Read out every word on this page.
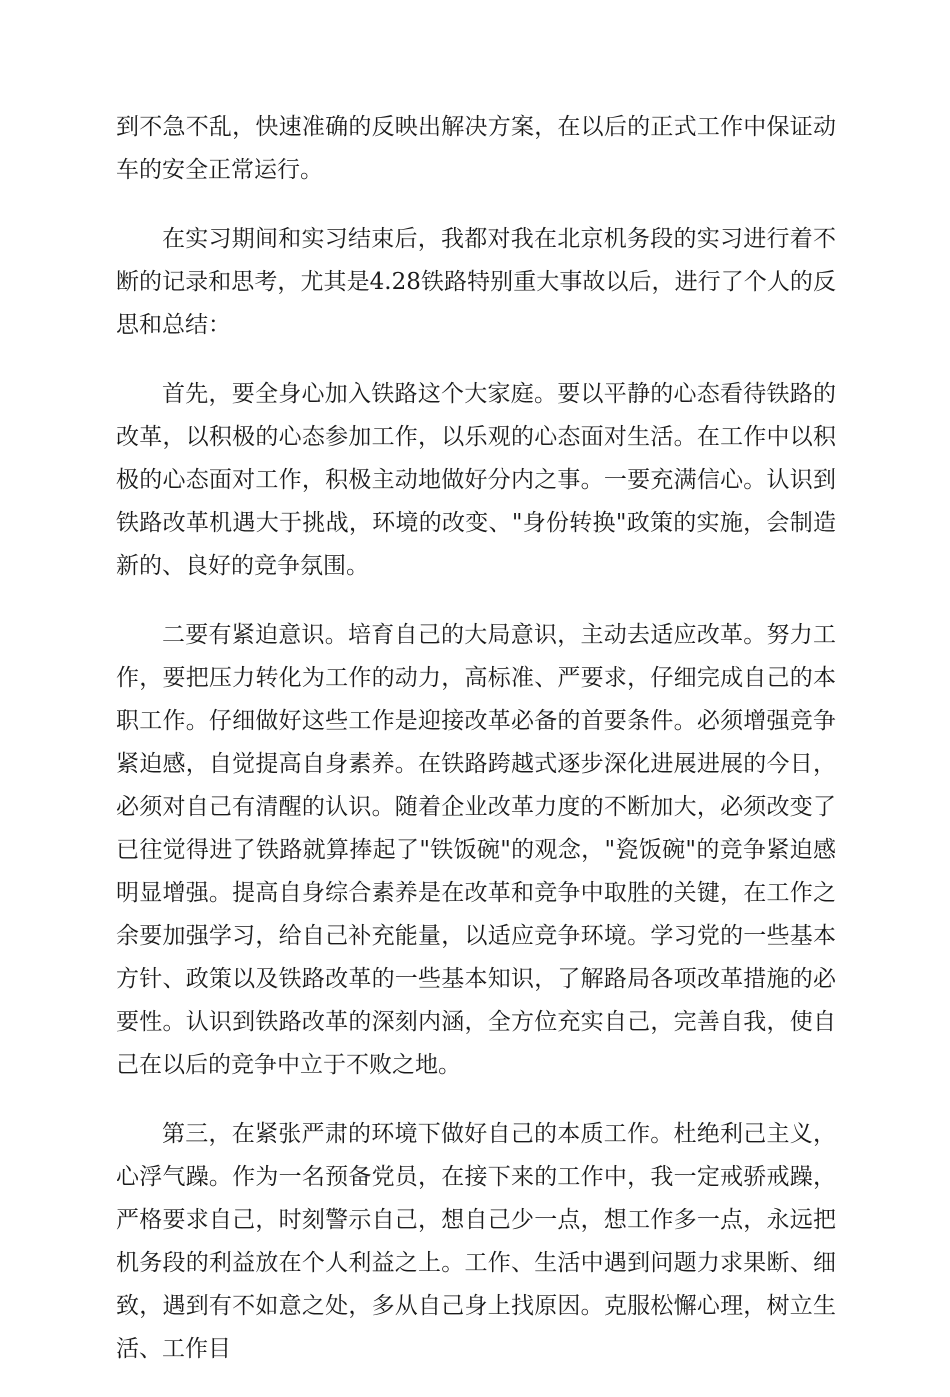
到不急不乱，快速准确的反映出解决方案，在以后的正式工作中保证动车的安全正常运行。

在实习期间和实习结束后，我都对我在北京机务段的实习进行着不断的记录和思考，尤其是4.28铁路特别重大事故以后，进行了个人的反思和总结：

首先，要全身心加入铁路这个大家庭。要以平静的心态看待铁路的改革，以积极的心态参加工作，以乐观的心态面对生活。在工作中以积极的心态面对工作，积极主动地做好分内之事。一要充满信心。认识到铁路改革机遇大于挑战，环境的改变、"身份转换"政策的实施，会制造新的、良好的竞争氛围。

二要有紧迫意识。培育自己的大局意识，主动去适应改革。努力工作，要把压力转化为工作的动力，高标准、严要求，仔细完成自己的本职工作。仔细做好这些工作是迎接改革必备的首要条件。必须增强竞争紧迫感，自觉提高自身素养。在铁路跨越式逐步深化进展进展的今日，必须对自己有清醒的认识。随着企业改革力度的不断加大，必须改变了已往觉得进了铁路就算捧起了"铁饭碗"的观念，"瓷饭碗"的竞争紧迫感明显增强。提高自身综合素养是在改革和竞争中取胜的关键，在工作之余要加强学习，给自己补充能量，以适应竞争环境。学习党的一些基本方针、政策以及铁路改革的一些基本知识，了解路局各项改革措施的必要性。认识到铁路改革的深刻内涵，全方位充实自己，完善自我，使自己在以后的竞争中立于不败之地。

第三，在紧张严肃的环境下做好自己的本质工作。杜绝利己主义，心浮气躁。作为一名预备党员，在接下来的工作中，我一定戒骄戒躁，严格要求自己，时刻警示自己，想自己少一点，想工作多一点，永远把机务段的利益放在个人利益之上。工作、生活中遇到问题力求果断、细致，遇到有不如意之处，多从自己身上找原因。克服松懈心理，树立生活、工作目
